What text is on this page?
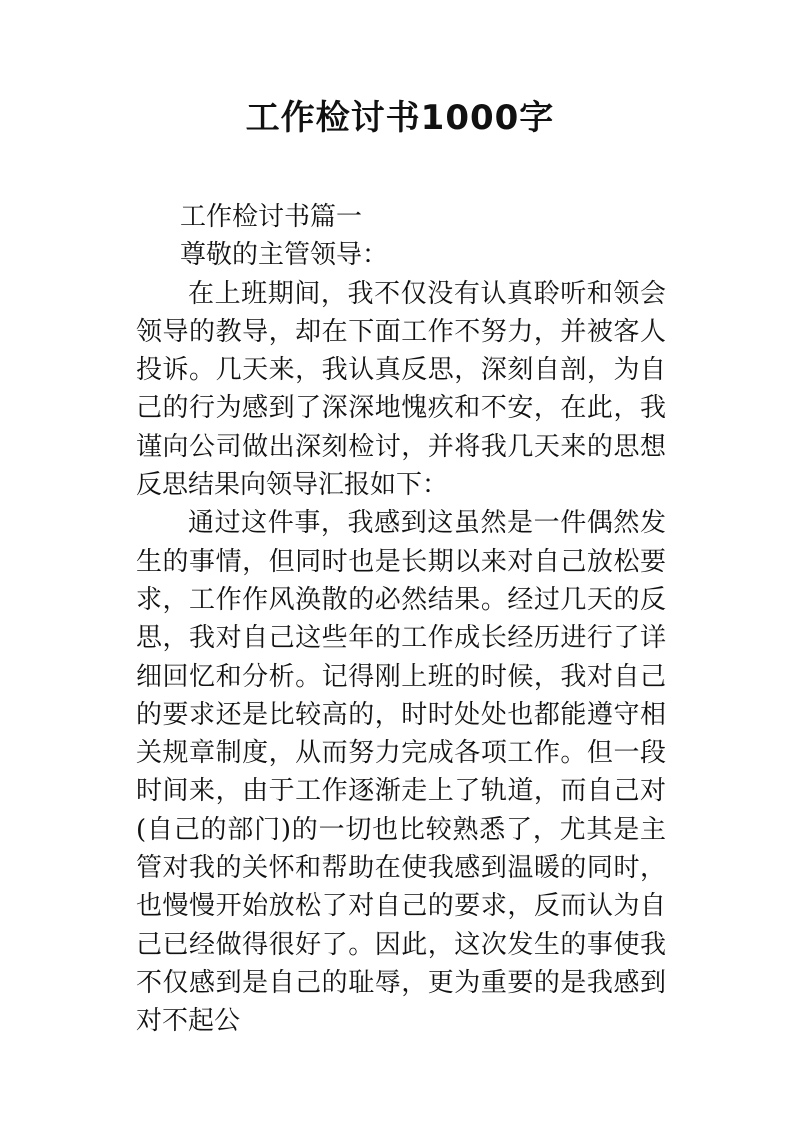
工作检讨书1000字

工作检讨书篇一

尊敬的主管领导：

在上班期间，我不仅没有认真聆听和领会领导的教导，却在下面工作不努力，并被客人投诉。几天来，我认真反思，深刻自剖，为自己的行为感到了深深地愧疚和不安，在此，我谨向公司做出深刻检讨，并将我几天来的思想反思结果向领导汇报如下：

通过这件事，我感到这虽然是一件偶然发生的事情，但同时也是长期以来对自己放松要求，工作作风涣散的必然结果。经过几天的反思，我对自己这些年的工作成长经历进行了详细回忆和分析。记得刚上班的时候，我对自己的要求还是比较高的，时时处处也都能遵守相关规章制度，从而努力完成各项工作。但一段时间来，由于工作逐渐走上了轨道，而自己对(自己的部门)的一切也比较熟悉了，尤其是主管对我的关怀和帮助在使我感到温暖的同时，也慢慢开始放松了对自己的要求，反而认为自己已经做得很好了。因此，这次发生的事使我不仅感到是自己的耻辱，更为重要的是我感到对不起公
